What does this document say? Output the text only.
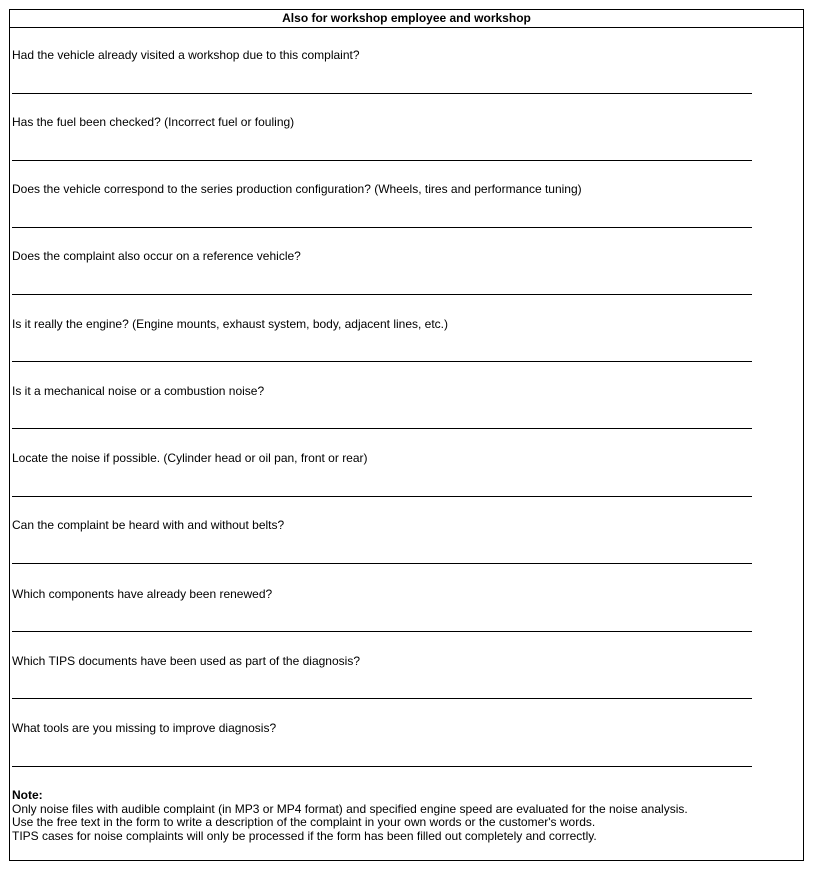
Also for workshop employee and workshop
Had the vehicle already visited a workshop due to this complaint?
Has the fuel been checked? (Incorrect fuel or fouling)
Does the vehicle correspond to the series production configuration? (Wheels, tires and performance tuning)
Does the complaint also occur on a reference vehicle?
Is it really the engine? (Engine mounts, exhaust system, body, adjacent lines, etc.)
Is it a mechanical noise or a combustion noise?
Locate the noise if possible. (Cylinder head or oil pan, front or rear)
Can the complaint be heard with and without belts?
Which components have already been renewed?
Which TIPS documents have been used as part of the diagnosis?
What tools are you missing to improve diagnosis?
Note:
Only noise files with audible complaint (in MP3 or MP4 format) and specified engine speed are evaluated for the noise analysis.
Use the free text in the form to write a description of the complaint in your own words or the customer's words.
TIPS cases for noise complaints will only be processed if the form has been filled out completely and correctly.
